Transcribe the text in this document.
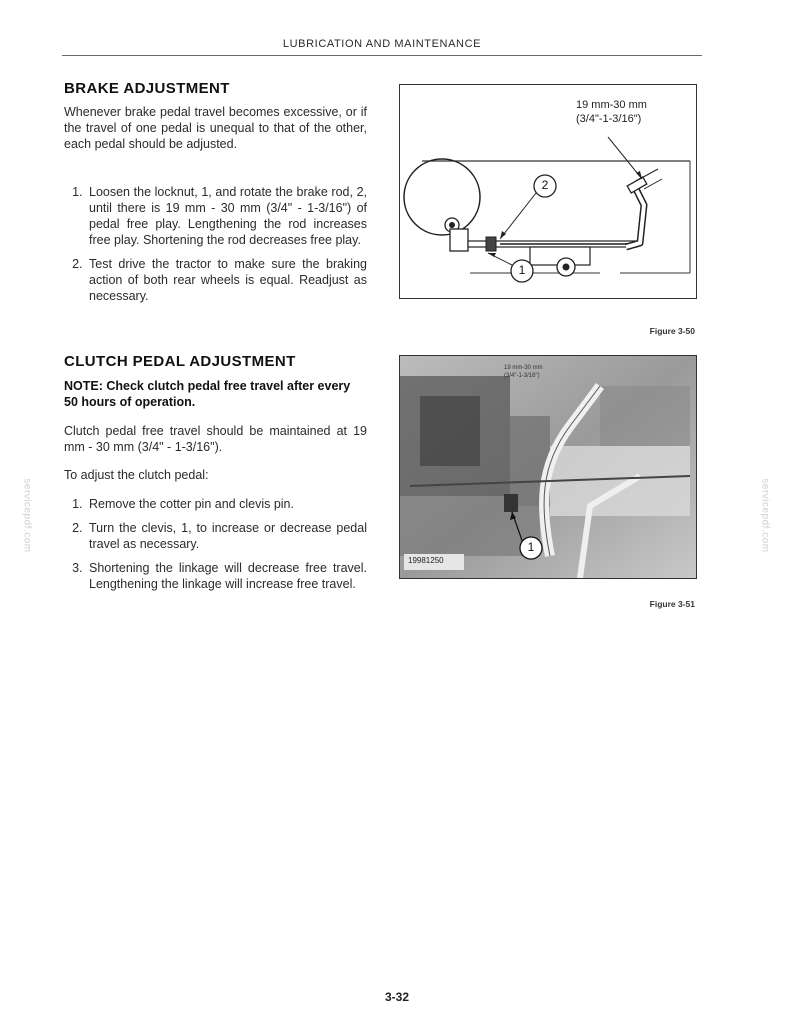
LUBRICATION AND MAINTENANCE
servicepdf.com	servicepdf.com
BRAKE ADJUSTMENT
Whenever brake pedal travel becomes excessive, or if the travel of one pedal is unequal to that of the other, each pedal should be adjusted.
1. Loosen the locknut, 1, and rotate the brake rod, 2, until there is 19 mm - 30 mm (3/4" - 1-3/16") of pedal free play. Lengthening the rod increases free play. Shortening the rod decreases free play.
2. Test drive the tractor to make sure the braking action of both rear wheels is equal. Readjust as necessary.
19 mm-30 mm
(3/4"-1-3/16")
2
1
Figure 3-50
CLUTCH PEDAL ADJUSTMENT
NOTE: Check clutch pedal free travel after every 50 hours of operation.
Clutch pedal free travel should be maintained at 19 mm - 30 mm (3/4" - 1-3/16").
To adjust the clutch pedal:
1. Remove the cotter pin and clevis pin.
2. Turn the clevis, 1, to increase or decrease pedal travel as necessary.
3. Shortening the linkage will decrease free travel. Lengthening the linkage will increase free travel.
19 mm-30 mm
(3/4"-1-3/16")
1
19981250
Figure 3-51
3-32
